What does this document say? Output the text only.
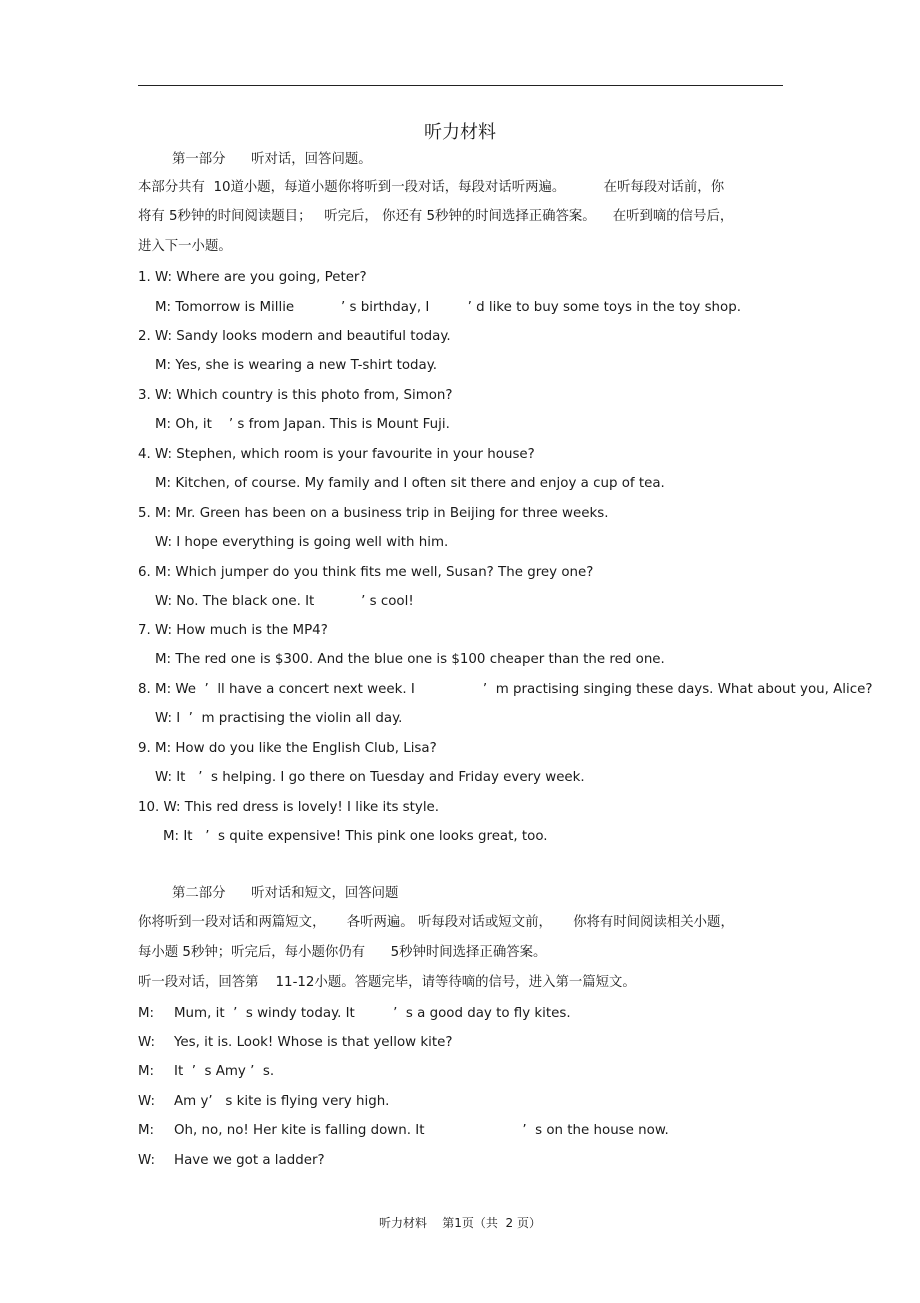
听力材料
第一部分      听对话，回答问题。
本部分共有  10道小题，每道小题你将听到一段对话，每段对话听两遍。         在听每段对话前，你
将有 5秒钟的时间阅读题目；   听完后， 你还有 5秒钟的时间选择正确答案。    在听到嘀的信号后，
进入下一小题。
1. W: Where are you going, Peter?
M: Tomorrow is Millie           ’ s birthday, I         ’ d like to buy some toys in the toy shop.
2. W: Sandy looks modern and beautiful today.
M: Yes, she is wearing a new T-shirt today.
3. W: Which country is this photo from, Simon?
M: Oh, it    ’ s from Japan. This is Mount Fuji.
4. W: Stephen, which room is your favourite in your house?
M: Kitchen, of course. My family and I often sit there and enjoy a cup of tea.
5. M: Mr. Green has been on a business trip in Beijing for three weeks.
W: I hope everything is going well with him.
6. M: Which jumper do you think fits me well, Susan? The grey one?
W: No. The black one. It           ’ s cool!
7. W: How much is the MP4?
M: The red one is $300. And the blue one is $100 cheaper than the red one.
8. M: We  ’  ll have a concert next week. I                ’  m practising singing these days. What about you, Alice?
W: I  ’  m practising the violin all day.
9. M: How do you like the English Club, Lisa?
W: It   ’  s helping. I go there on Tuesday and Friday every week.
10. W: This red dress is lovely! I like its style.
M: It   ’  s quite expensive! This pink one looks great, too.
第二部分      听对话和短文，回答问题
你将听到一段对话和两篇短文，     各听两遍。 听每段对话或短文前，     你将有时间阅读相关小题，
每小题 5秒钟；听完后，每小题你仍有      5秒钟时间选择正确答案。
听一段对话，回答第    11-12小题。答题完毕，请等待嘀的信号，进入第一篇短文。
M: Mum, it  ’  s windy today. It         ’  s a good day to fly kites.
W: Yes, it is. Look! Whose is that yellow kite?
M: It  ’  s Amy ’  s.
W: Am y’   s kite is flying very high.
M: Oh, no, no! Her kite is falling down. It                       ’  s on the house now.
W: Have we got a ladder?
听力材料    第1页（共  2 页）
